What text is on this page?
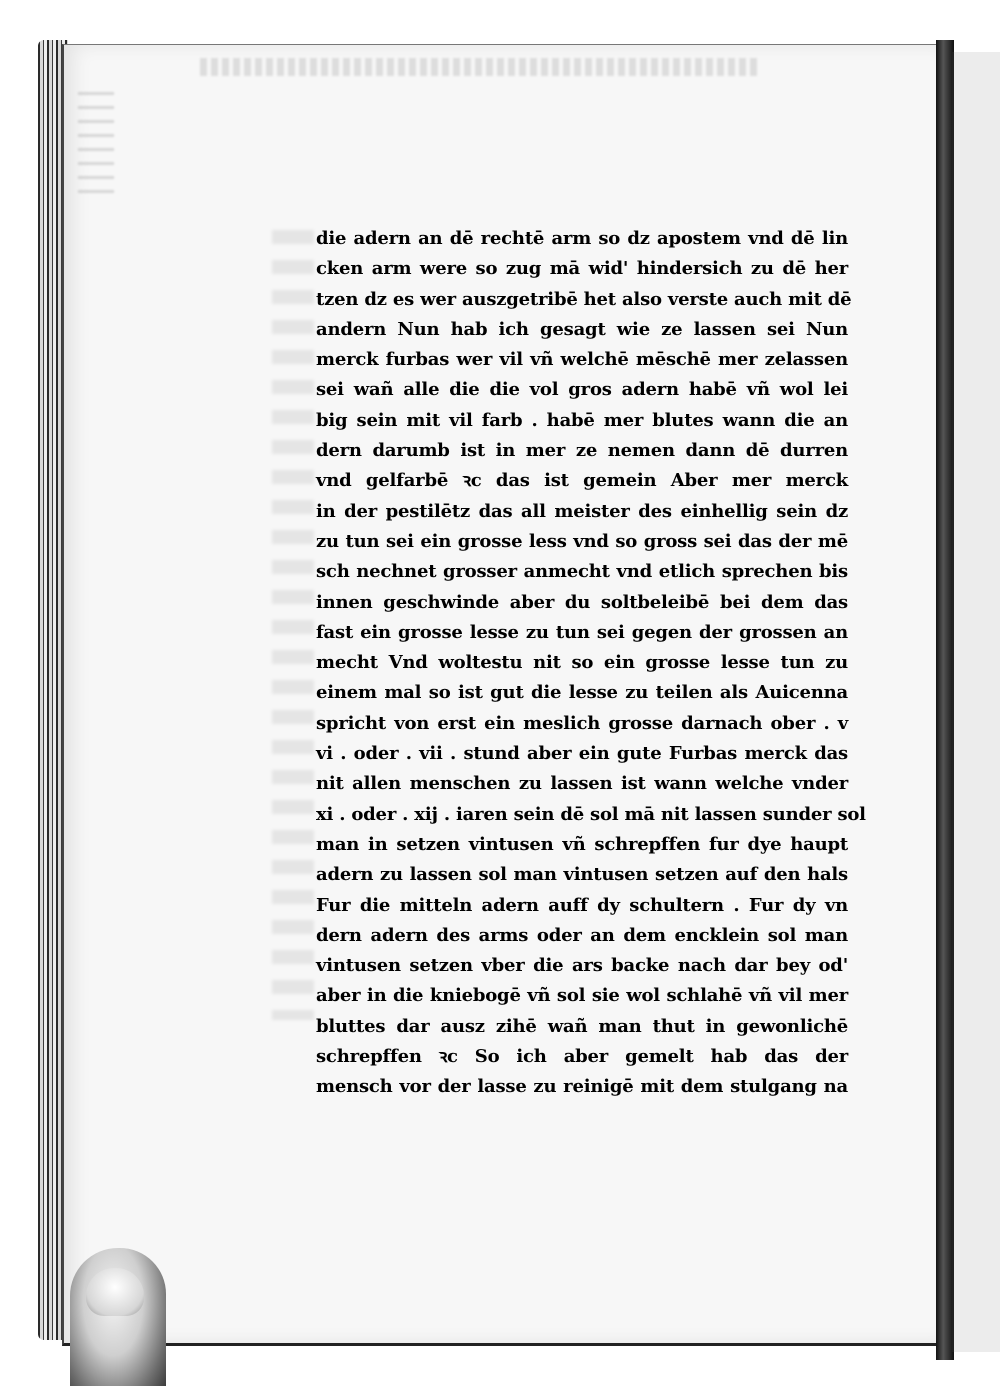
die adern an dē rechtē arm so dz apostem vnd dē lin
cken arm were so zug mā wid' hindersich zu dē her
tzen dz es wer auszgetribē het also verste auch mit dē
andern Nun hab ich gesagt wie ze lassen sei Nun
merck furbas wer vil vñ welchē mēschē mer zelassen
sei wañ alle die die vol gros adern habē vñ wol lei
big sein mit vil farb . habē mer blutes wann die an
dern darumb ist in mer ze nemen dann dē durren
vnd gelfarbē ꝛc das ist gemein Aber mer merck
in der pestilētz das all meister des einhellig sein dz
zu tun sei ein grosse less vnd so gross sei das der mē
sch nechnet grosser anmecht vnd etlich sprechen bis
innen geschwinde aber du soltbeleibē bei dem das
fast ein grosse lesse zu tun sei gegen der grossen an
mecht Vnd woltestu nit so ein grosse lesse tun zu
einem mal so ist gut die lesse zu teilen als Auicenna
spricht von erst ein meslich grosse darnach ober . v
vi . oder . vii . stund aber ein gute Furbas merck das
nit allen menschen zu lassen ist wann welche vnder
xi . oder . xij . iaren sein dē sol mā nit lassen sunder sol
man in setzen vintusen vñ schrepffen fur dye haupt
adern zu lassen sol man vintusen setzen auf den hals
Fur die mitteln adern auff dy schultern . Fur dy vn
dern adern des arms oder an dem encklein sol man
vintusen setzen vber die ars backe nach dar bey od'
aber in die kniebogē vñ sol sie wol schlahē vñ vil mer
bluttes dar ausz zihē wañ man thut in gewonlichē
schrepffen ꝛc So ich aber gemelt hab das der
mensch vor der lasse zu reinigē mit dem stulgang na
